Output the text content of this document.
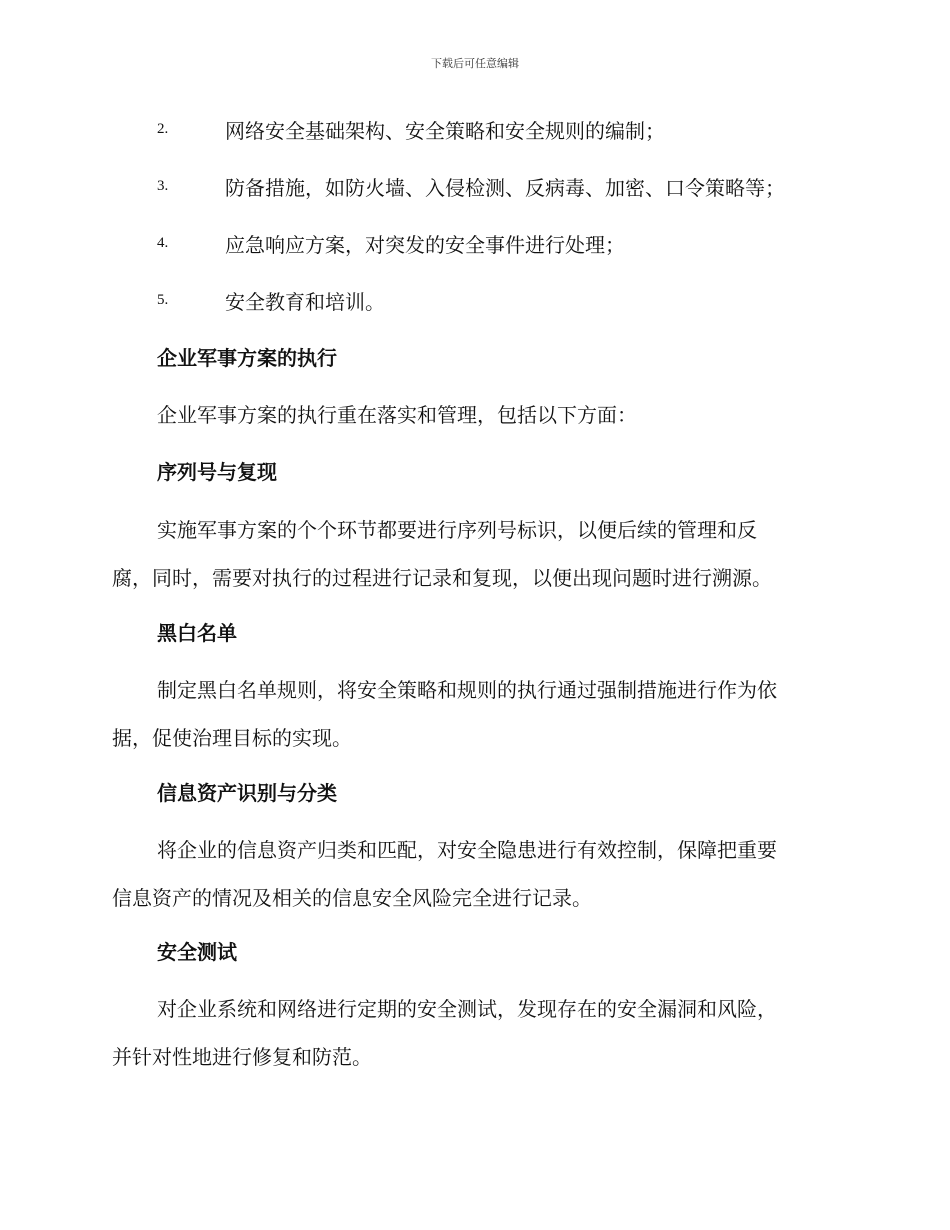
下载后可任意编辑
2.	网络安全基础架构、安全策略和安全规则的编制；
3.	防备措施，如防火墙、入侵检测、反病毒、加密、口令策略等；
4.	应急响应方案，对突发的安全事件进行处理；
5.	安全教育和培训。
企业军事方案的执行
企业军事方案的执行重在落实和管理，包括以下方面：
序列号与复现
实施军事方案的个个环节都要进行序列号标识，以便后续的管理和反
腐，同时，需要对执行的过程进行记录和复现，以便出现问题时进行溯源。
黑白名单
制定黑白名单规则，将安全策略和规则的执行通过强制措施进行作为依
据，促使治理目标的实现。
信息资产识别与分类
将企业的信息资产归类和匹配，对安全隐患进行有效控制，保障把重要
信息资产的情况及相关的信息安全风险完全进行记录。
安全测试
对企业系统和网络进行定期的安全测试，发现存在的安全漏洞和风险，
并针对性地进行修复和防范。
